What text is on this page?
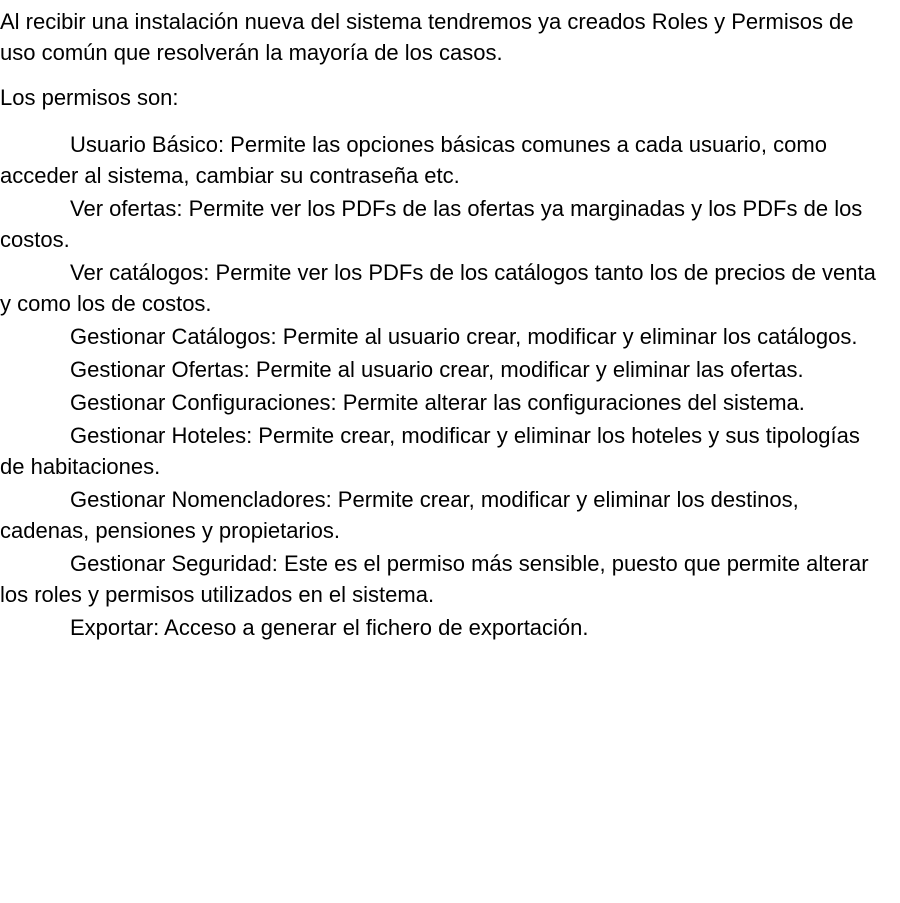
Al recibir una instalación nueva del sistema tendremos ya creados Roles y Permisos de uso común que resolverán la mayoría de los casos.

Los permisos son:

Usuario Básico: Permite las opciones básicas comunes a cada usuario, como acceder al sistema, cambiar su contraseña etc.

Ver ofertas: Permite ver los PDFs de las ofertas ya marginadas y los PDFs de los costos.

Ver catálogos: Permite ver los PDFs de los catálogos tanto los de precios de venta y como los de costos.

Gestionar Catálogos: Permite al usuario crear, modificar y eliminar los catálogos.

Gestionar Ofertas: Permite al usuario crear, modificar y eliminar las ofertas.

Gestionar Configuraciones: Permite alterar las configuraciones del sistema.

Gestionar Hoteles: Permite crear, modificar y eliminar los hoteles y sus tipologías de habitaciones.

Gestionar Nomencladores: Permite crear, modificar y eliminar los destinos, cadenas, pensiones y propietarios.

Gestionar Seguridad: Este es el permiso más sensible, puesto que permite alterar los roles y permisos utilizados en el sistema.

Exportar: Acceso a generar el fichero de exportación.
